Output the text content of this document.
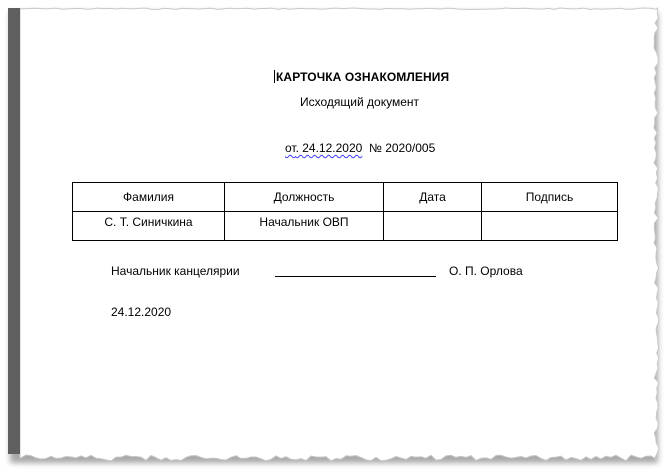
КАРТОЧКА ОЗНАКОМЛЕНИЯ
Исходящий документ
от. 24.12.2020 № 2020/005
Фамилия	Должность	Дата	Подпись
С. Т. Синичкина	Начальник ОВП		
Начальник канцелярии	О. П. Орлова
24.12.2020
